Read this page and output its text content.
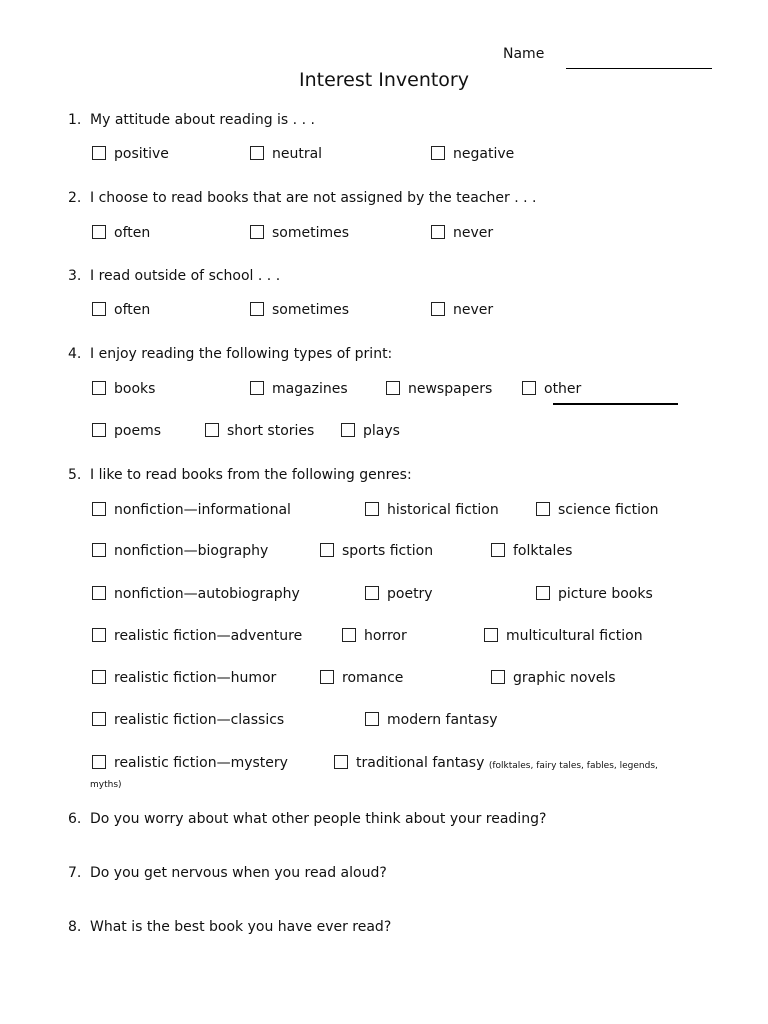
Name
Interest Inventory
1. My attitude about reading is . . .
positive	neutral	negative
2. I choose to read books that are not assigned by the teacher . . .
often	sometimes	never
3. I read outside of school . . .
often	sometimes	never
4. I enjoy reading the following types of print:
books	magazines	newspapers	other
poems	short stories	plays
5. I like to read books from the following genres:
nonfiction—informational	historical fiction	science fiction
nonfiction—biography	sports fiction	folktales
nonfiction—autobiography	poetry	picture books
realistic fiction—adventure	horror	multicultural fiction
realistic fiction—humor	romance	graphic novels
realistic fiction—classics	modern fantasy
realistic fiction—mystery	traditional fantasy
(folktales, fairy tales, fables, legends,
myths)
6. Do you worry about what other people think about your reading?
7. Do you get nervous when you read aloud?
8. What is the best book you have ever read?
